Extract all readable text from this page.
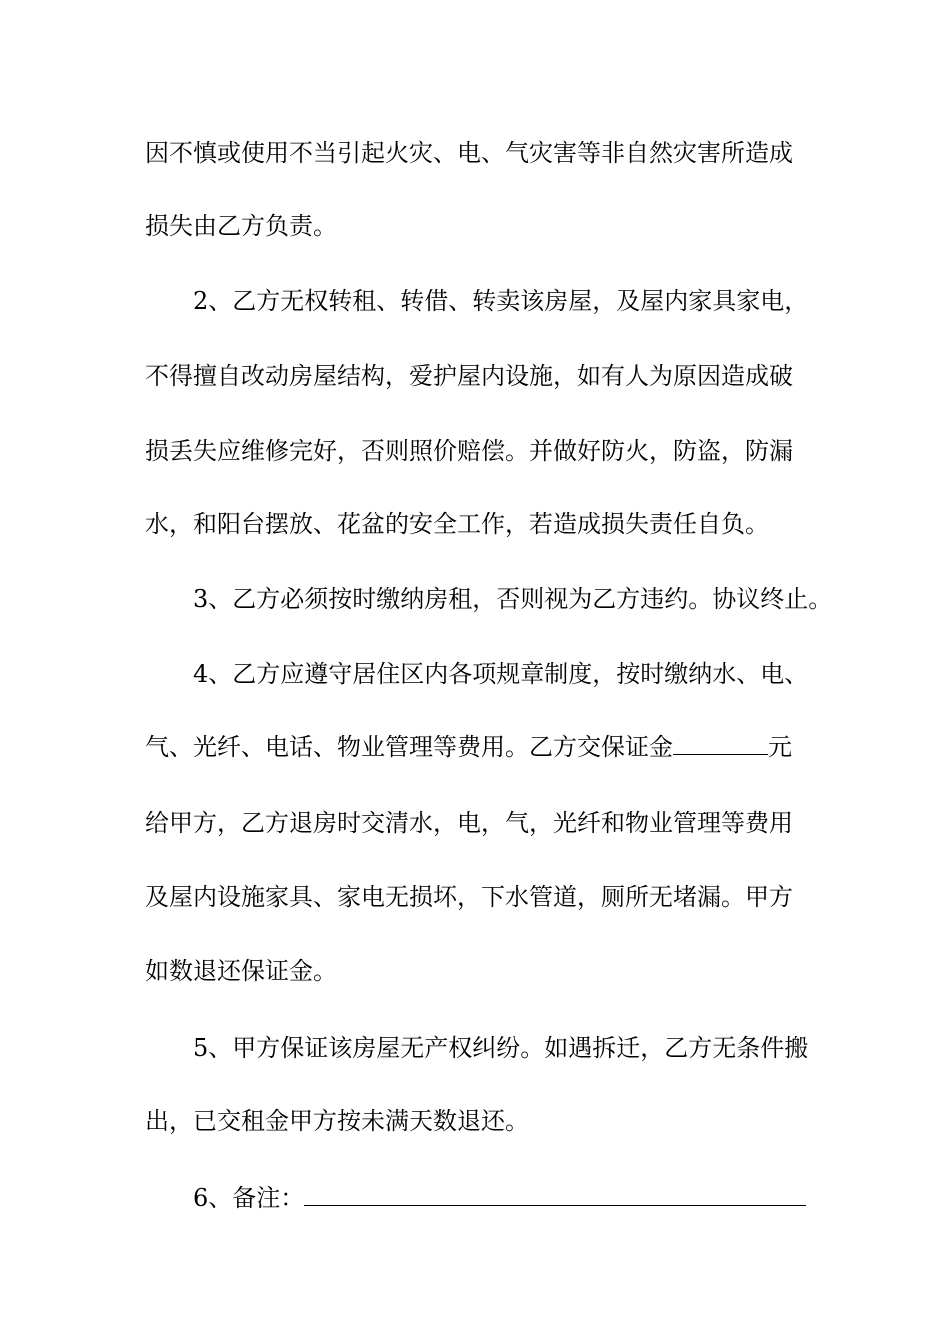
因不慎或使用不当引起火灾、电、气灾害等非自然灾害所造成
损失由乙方负责。
2、乙方无权转租、转借、转卖该房屋，及屋内家具家电，
不得擅自改动房屋结构，爱护屋内设施，如有人为原因造成破
损丢失应维修完好，否则照价赔偿。并做好防火，防盗，防漏
水，和阳台摆放、花盆的安全工作，若造成损失责任自负。
3、乙方必须按时缴纳房租，否则视为乙方违约。协议终止。
4、乙方应遵守居住区内各项规章制度，按时缴纳水、电、
气、光纤、电话、物业管理等费用。乙方交保证金	元
给甲方，乙方退房时交清水，电，气，光纤和物业管理等费用
及屋内设施家具、家电无损坏，下水管道，厕所无堵漏。甲方
如数退还保证金。
5、甲方保证该房屋无产权纠纷。如遇拆迁，乙方无条件搬
出，已交租金甲方按未满天数退还。
6、备注：
